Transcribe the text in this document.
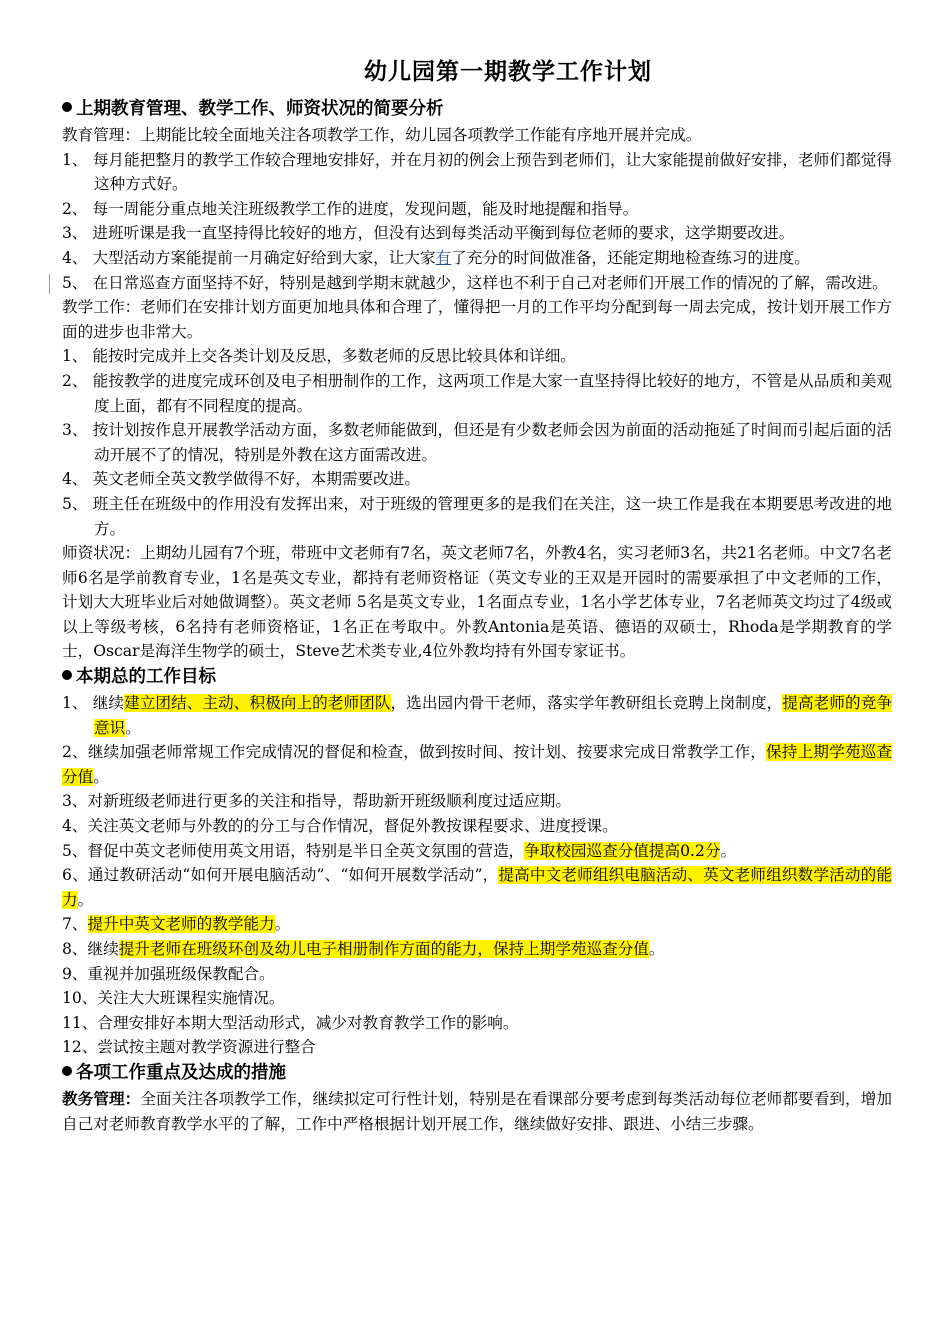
幼儿园第一期教学工作计划
上期教育管理、教学工作、师资状况的简要分析
教育管理：上期能比较全面地关注各项教学工作，幼儿园各项教学工作能有序地开展并完成。
1、 每月能把整月的教学工作较合理地安排好，并在月初的例会上预告到老师们，让大家能提前做好安排，老师们都觉得这种方式好。
2、 每一周能分重点地关注班级教学工作的进度，发现问题，能及时地提醒和指导。
3、 进班听课是我一直坚持得比较好的地方，但没有达到每类活动平衡到每位老师的要求，这学期要改进。
4、 大型活动方案能提前一月确定好给到大家，让大家有了充分的时间做准备，还能定期地检查练习的进度。
5、 在日常巡查方面坚持不好，特别是越到学期末就越少，这样也不利于自己对老师们开展工作的情况的了解，需改进。
教学工作：老师们在安排计划方面更加地具体和合理了，懂得把一月的工作平均分配到每一周去完成，按计划开展工作方面的进步也非常大。
1、 能按时完成并上交各类计划及反思，多数老师的反思比较具体和详细。
2、 能按教学的进度完成环创及电子相册制作的工作，这两项工作是大家一直坚持得比较好的地方，不管是从品质和美观度上面，都有不同程度的提高。
3、 按计划按作息开展教学活动方面，多数老师能做到，但还是有少数老师会因为前面的活动拖延了时间而引起后面的活动开展不了的情况，特别是外教在这方面需改进。
4、 英文老师全英文教学做得不好，本期需要改进。
5、 班主任在班级中的作用没有发挥出来，对于班级的管理更多的是我们在关注，这一块工作是我在本期要思考改进的地方。
师资状况：上期幼儿园有7个班，带班中文老师有7名，英文老师7名，外教4名，实习老师3名，共21名老师。中文7名老师6名是学前教育专业，1名是英文专业，都持有老师资格证（英文专业的王双是开园时的需要承担了中文老师的工作，计划大大班毕业后对她做调整）。英文老师 5名是英文专业，1名面点专业，1名小学艺体专业，7名老师英文均过了4级或以上等级考核，6名持有老师资格证，1名正在考取中。外教Antonia是英语、德语的双硕士，Rhoda是学期教育的学士，Oscar是海洋生物学的硕士，Steve艺术类专业,4位外教均持有外国专家证书。
本期总的工作目标
1、 继续建立团结、主动、积极向上的老师团队，选出园内骨干老师，落实学年教研组长竞聘上岗制度，提高老师的竞争意识。
2、继续加强老师常规工作完成情况的督促和检查，做到按时间、按计划、按要求完成日常教学工作，保持上期学苑巡查分值。
3、对新班级老师进行更多的关注和指导，帮助新开班级顺利度过适应期。
4、关注英文老师与外教的的分工与合作情况，督促外教按课程要求、进度授课。
5、督促中英文老师使用英文用语，特别是半日全英文氛围的营造，争取校园巡查分值提高0.2分。
6、通过教研活动“如何开展电脑活动”、“如何开展数学活动”，提高中文老师组织电脑活动、英文老师组织数学活动的能力。
7、提升中英文老师的教学能力。
8、继续提升老师在班级环创及幼儿电子相册制作方面的能力，保持上期学苑巡查分值。
9、重视并加强班级保教配合。
10、关注大大班课程实施情况。
11、合理安排好本期大型活动形式，减少对教育教学工作的影响。
12、尝试按主题对教学资源进行整合
各项工作重点及达成的措施
教务管理：全面关注各项教学工作，继续拟定可行性计划，特别是在看课部分要考虑到每类活动每位老师都要看到，增加自己对老师教育教学水平的了解，工作中严格根据计划开展工作，继续做好安排、跟进、小结三步骤。
